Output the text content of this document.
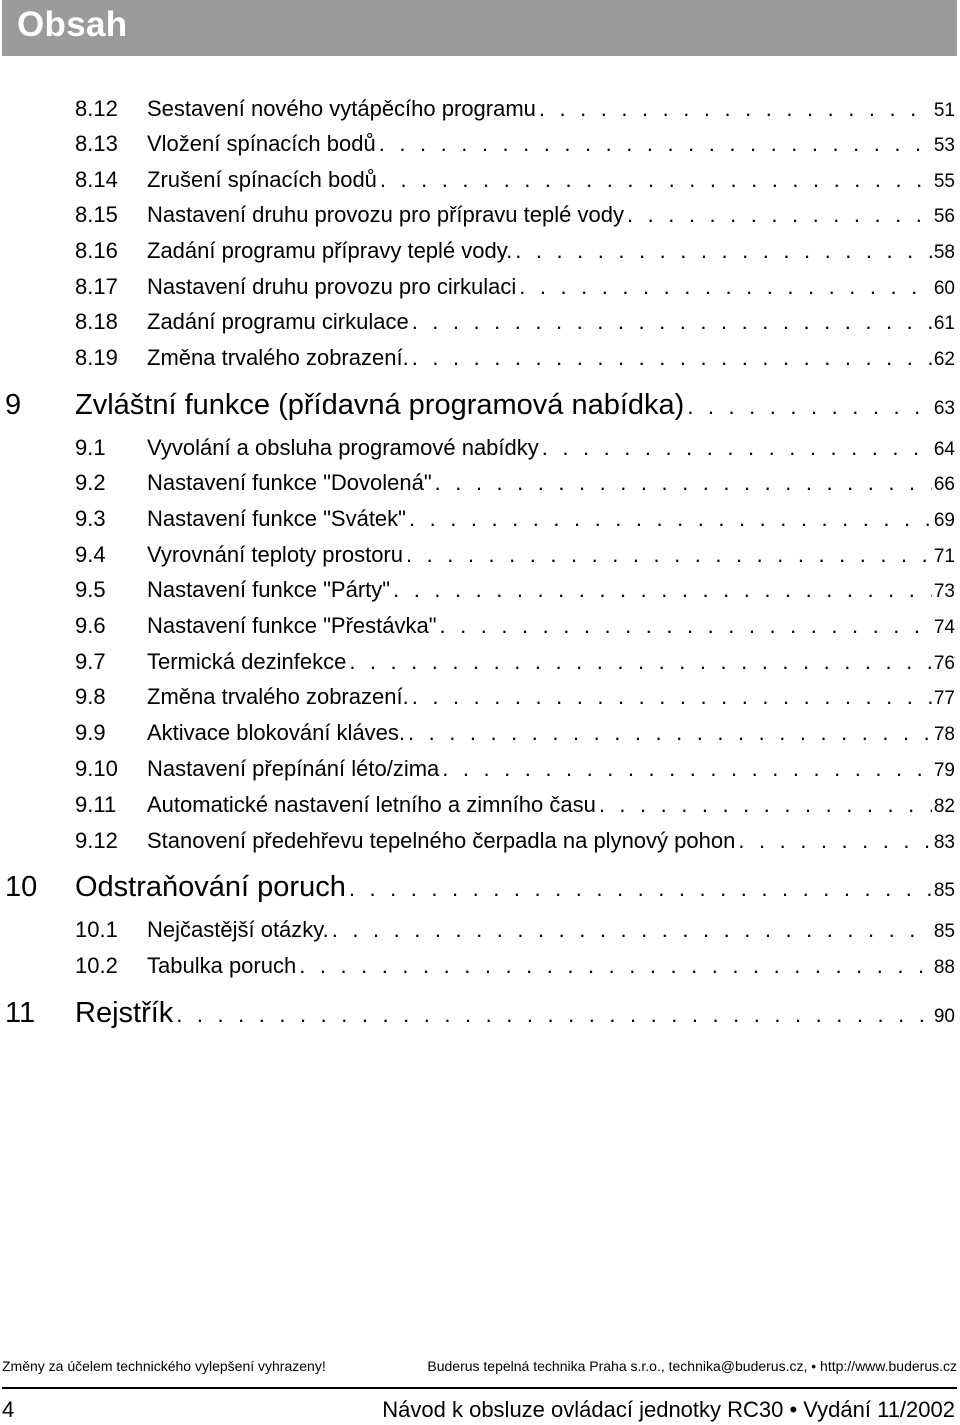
Obsah
8.12 Sestavení nového vytápěcího programu . . .	51
8.13 Vložení spínacích bodů . . .	53
8.14 Zrušení spínacích bodů . . .	55
8.15 Nastavení druhu provozu pro přípravu teplé vody . . .	56
8.16 Zadání programu přípravy teplé vody. . . .	58
8.17 Nastavení druhu provozu pro cirkulaci . . .	60
8.18 Zadání programu cirkulace . . .	61
8.19 Změna trvalého zobrazení. . . .	62
9 Zvláštní funkce (přídavná programová nabídka) . . .	63
9.1 Vyvolání a obsluha programové nabídky . . .	64
9.2 Nastavení funkce "Dovolená" . . .	66
9.3 Nastavení funkce "Svátek" . . .	69
9.4 Vyrovnání teploty prostoru . . .	71
9.5 Nastavení funkce "Párty" . . .	73
9.6 Nastavení funkce "Přestávka" . . .	74
9.7 Termická dezinfekce . . .	76
9.8 Změna trvalého zobrazení. . . .	77
9.9 Aktivace blokování kláves. . . .	78
9.10 Nastavení přepínání léto/zima . . .	79
9.11 Automatické nastavení letního a zimního času . . .	82
9.12 Stanovení předehřevu tepelného čerpadla na plynový pohon . . .	83
10 Odstraňování poruch . . .	85
10.1 Nejčastější otázky. . . .	85
10.2 Tabulka poruch . . .	88
11 Rejstřík . . .	90
Změny za účelem technického vylepšení vyhrazeny!	Buderus tepelná technika Praha s.r.o., technika@buderus.cz, • http://www.buderus.cz
4	Návod k obsluze ovládací jednotky RC30 • Vydání 11/2002
